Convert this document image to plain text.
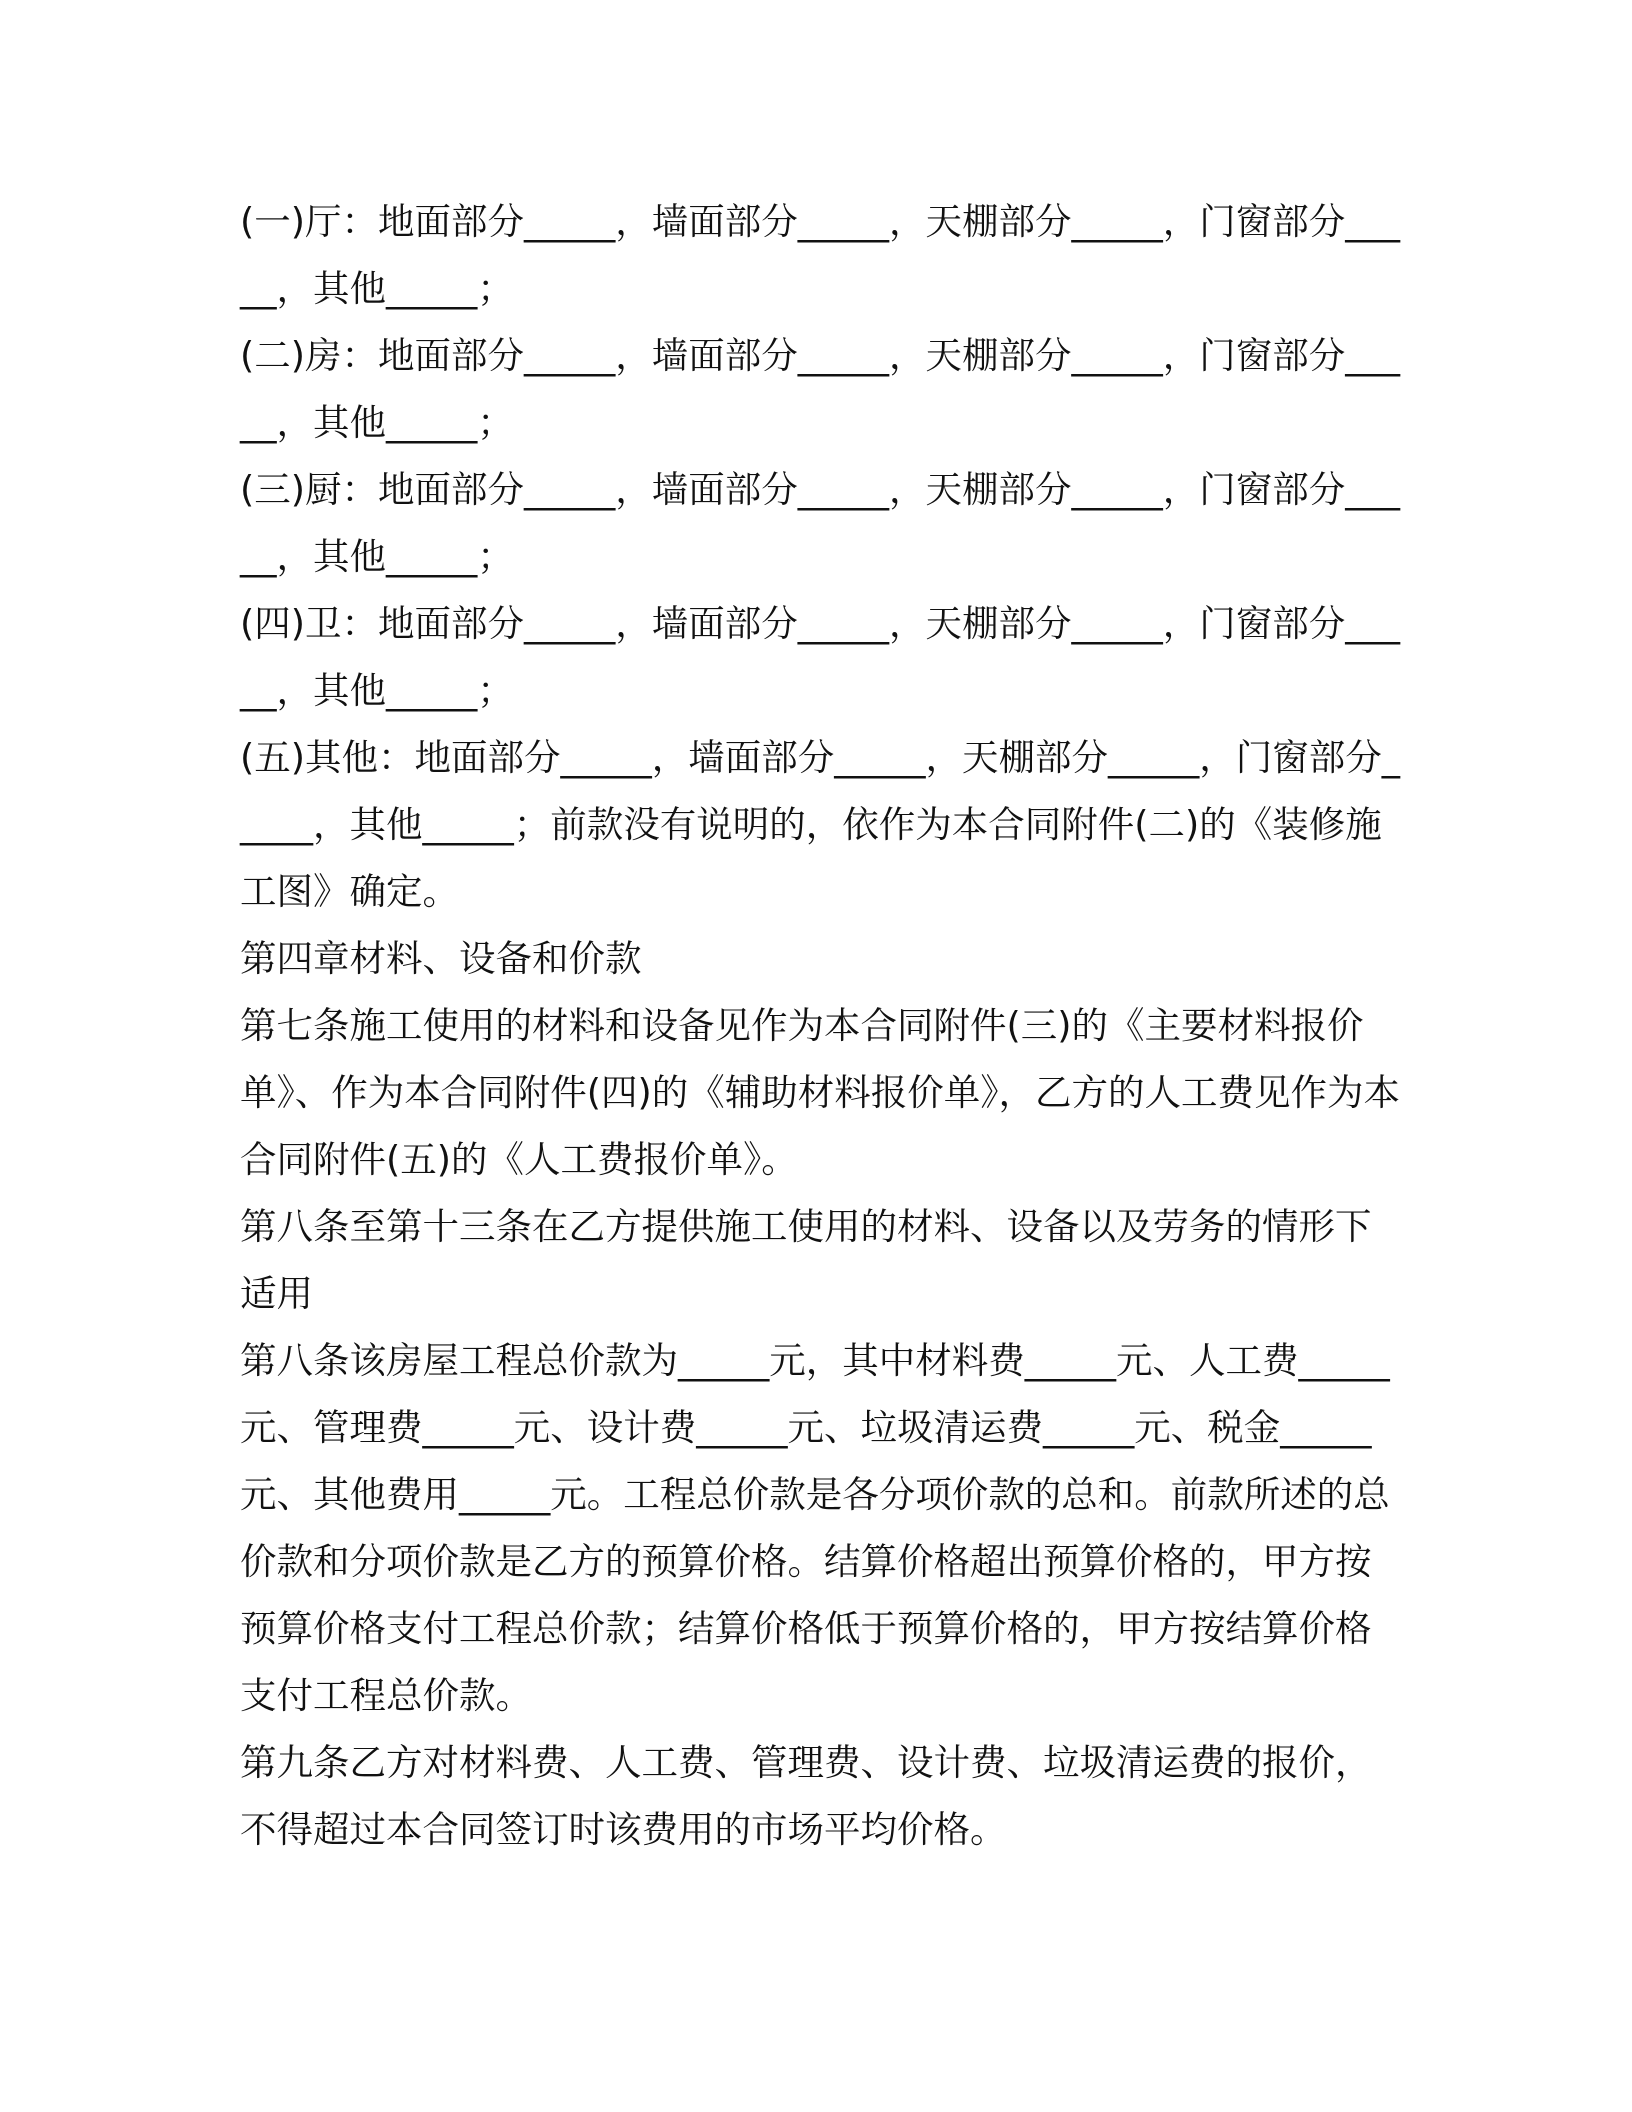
(一)厅：地面部分_____，墙面部分_____，天棚部分_____，门窗部分_____，其他_____；

(二)房：地面部分_____，墙面部分_____，天棚部分_____，门窗部分_____，其他_____；

(三)厨：地面部分_____，墙面部分_____，天棚部分_____，门窗部分_____，其他_____；

(四)卫：地面部分_____，墙面部分_____，天棚部分_____，门窗部分_____，其他_____；

(五)其他：地面部分_____，墙面部分_____，天棚部分_____，门窗部分_____，其他_____；前款没有说明的，依作为本合同附件(二)的《装修施工图》确定。

第四章材料、设备和价款

第七条施工使用的材料和设备见作为本合同附件(三)的《主要材料报价单》、作为本合同附件(四)的《辅助材料报价单》，乙方的人工费见作为本合同附件(五)的《人工费报价单》。

第八条至第十三条在乙方提供施工使用的材料、设备以及劳务的情形下适用

第八条该房屋工程总价款为_____元，其中材料费_____元、人工费_____元、管理费_____元、设计费_____元、垃圾清运费_____元、税金_____元、其他费用_____元。工程总价款是各分项价款的总和。前款所述的总价款和分项价款是乙方的预算价格。结算价格超出预算价格的，甲方按预算价格支付工程总价款；结算价格低于预算价格的，甲方按结算价格支付工程总价款。

第九条乙方对材料费、人工费、管理费、设计费、垃圾清运费的报价，不得超过本合同签订时该费用的市场平均价格。
